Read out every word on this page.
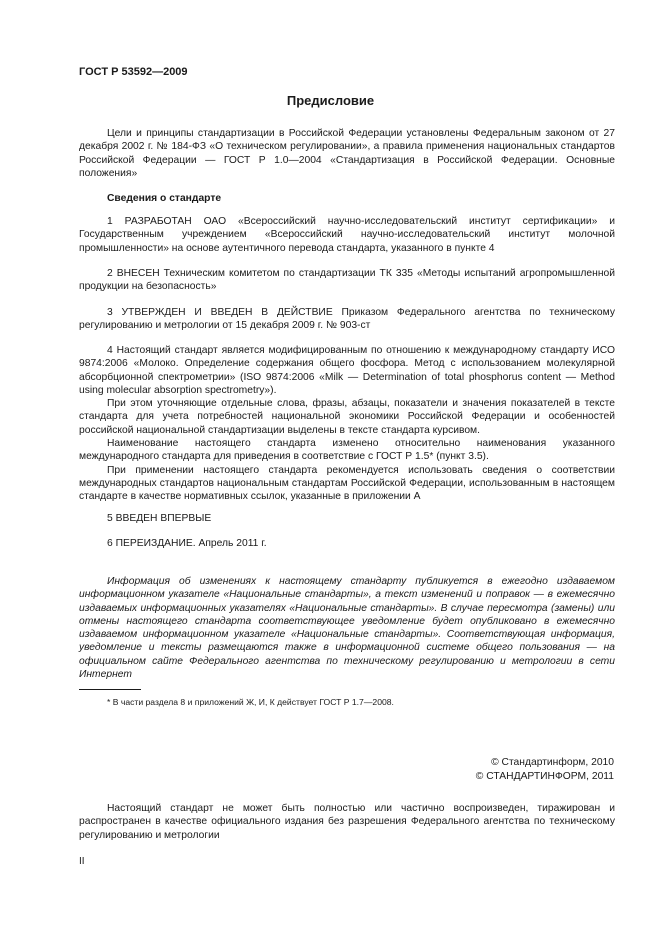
ГОСТ Р 53592—2009
Предисловие

Цели и принципы стандартизации в Российской Федерации установлены Федеральным законом от 27 декабря 2002 г. № 184-ФЗ «О техническом регулировании», а правила применения национальных стандартов Российской Федерации — ГОСТ Р 1.0—2004 «Стандартизация в Российской Федерации. Основные положения»

Сведения о стандарте

1 РАЗРАБОТАН ОАО «Всероссийский научно-исследовательский институт сертификации» и Государственным учреждением «Всероссийский научно-исследовательский институт молочной промышленности» на основе аутентичного перевода стандарта, указанного в пункте 4

2 ВНЕСЕН Техническим комитетом по стандартизации ТК 335 «Методы испытаний агропромышленной продукции на безопасность»

3 УТВЕРЖДЕН И ВВЕДЕН В ДЕЙСТВИЕ Приказом Федерального агентства по техническому регулированию и метрологии от 15 декабря 2009 г. № 903-ст

4 Настоящий стандарт является модифицированным по отношению к международному стандарту ИСО 9874:2006 «Молоко. Определение содержания общего фосфора. Метод с использованием молекулярной абсорбционной спектрометрии» (ISO 9874:2006 «Milk — Determination of total phosphorus content — Method using molecular absorption spectrometry»).

При этом уточняющие отдельные слова, фразы, абзацы, показатели и значения показателей в тексте стандарта для учета потребностей национальной экономики Российской Федерации и особенностей российской национальной стандартизации выделены в тексте стандарта курсивом.

Наименование настоящего стандарта изменено относительно наименования указанного международного стандарта для приведения в соответствие с ГОСТ Р 1.5* (пункт 3.5).

При применении настоящего стандарта рекомендуется использовать сведения о соответствии международных стандартов национальным стандартам Российской Федерации, использованным в настоящем стандарте в качестве нормативных ссылок, указанные в приложении А

5 ВВЕДЕН ВПЕРВЫЕ

6 ПЕРЕИЗДАНИЕ. Апрель 2011 г.

Информация об изменениях к настоящему стандарту публикуется в ежегодно издаваемом информационном указателе «Национальные стандарты», а текст изменений и поправок — в ежемесячно издаваемых информационных указателях «Национальные стандарты». В случае пересмотра (замены) или отмены настоящего стандарта соответствующее уведомление будет опубликовано в ежемесячно издаваемом информационном указателе «Национальные стандарты». Соответствующая информация, уведомление и тексты размещаются также в информационной системе общего пользования — на официальном сайте Федерального агентства по техническому регулированию и метрологии в сети Интернет

* В части раздела 8 и приложений Ж, И, К действует ГОСТ Р 1.7—2008.
© Стандартинформ, 2010
© СТАНДАРТИНФОРМ, 2011

Настоящий стандарт не может быть полностью или частично воспроизведен, тиражирован и распространен в качестве официального издания без разрешения Федерального агентства по техническому регулированию и метрологии

II
